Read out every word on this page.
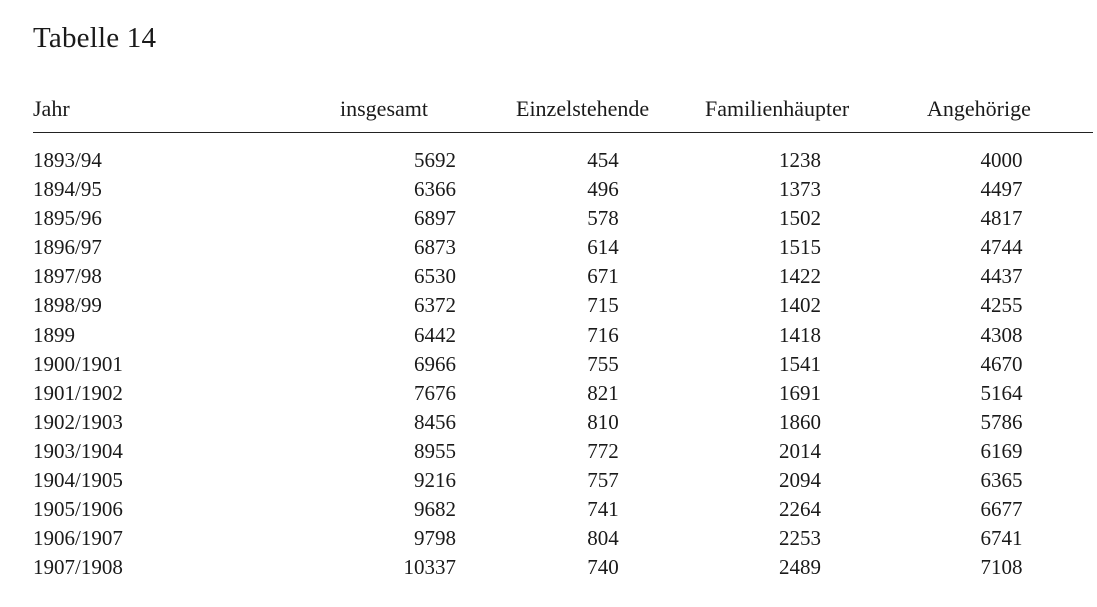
Tabelle 14
Jahr	insgesamt	Einzelstehende	Familienhäupter	Angehörige
1893/94	5692	454	1238	4000
1894/95	6366	496	1373	4497
1895/96	6897	578	1502	4817
1896/97	6873	614	1515	4744
1897/98	6530	671	1422	4437
1898/99	6372	715	1402	4255
1899	6442	716	1418	4308
1900/1901	6966	755	1541	4670
1901/1902	7676	821	1691	5164
1902/1903	8456	810	1860	5786
1903/1904	8955	772	2014	6169
1904/1905	9216	757	2094	6365
1905/1906	9682	741	2264	6677
1906/1907	9798	804	2253	6741
1907/1908	10337	740	2489	7108
